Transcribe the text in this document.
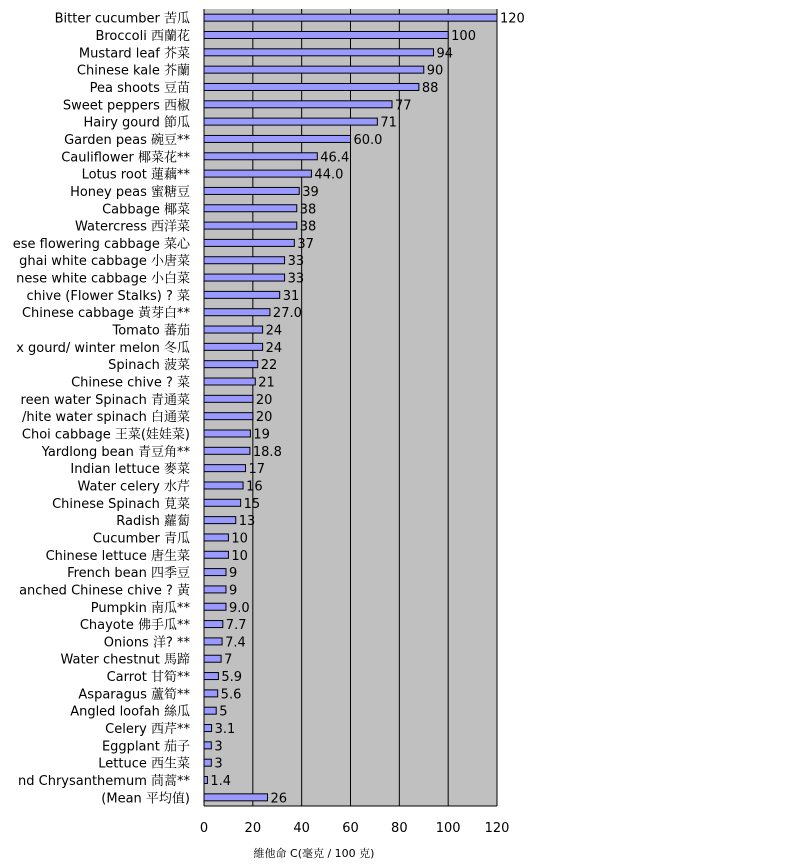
120
100
94
90
88
77
71
60.0
46.4
44.0
39
38
38
37
33
33
31
27.0
24
24
22
21
20
20
19
18.8
17
16
15
13
10
10
9
9
9.0
7.7
7.4
7
5.9
5.6
5
3.1
3
3
1.4
26
Bitter cucumber 苦瓜
Broccoli 西蘭花
Mustard leaf 芥菜
Chinese kale 芥蘭
Pea shoots 豆苗
Sweet peppers 西椒
Hairy gourd 節瓜
Garden peas 碗豆**
Cauliflower 椰菜花**
Lotus root 蓮藕**
Honey peas 蜜糖豆
Cabbage 椰菜
Watercress 西洋菜
ese flowering cabbage 菜心
ghai white cabbage 小唐菜
nese white cabbage 小白菜
chive (Flower Stalks) ? 菜
Chinese cabbage 黃芽白**
Tomato 蕃茄
x gourd/ winter melon 冬瓜
Spinach 菠菜
Chinese chive ? 菜
reen water Spinach 青通菜
/hite water spinach 白通菜
Choi cabbage 王菜(娃娃菜)
Yardlong bean 青豆角**
Indian lettuce 麥菜
Water celery 水芹
Chinese Spinach 莧菜
Radish 蘿蔔
Cucumber 青瓜
Chinese lettuce 唐生菜
French bean 四季豆
anched Chinese chive ? 黃
Pumpkin 南瓜**
Chayote 佛手瓜**
Onions 洋? **
Water chestnut 馬蹄
Carrot 甘筍**
Asparagus 蘆筍**
Angled loofah 絲瓜
Celery 西芹**
Eggplant 茄子
Lettuce 西生菜
nd Chrysanthemum 茼蒿**
(Mean 平均值)
0	20 40 60 80 100 120
維他命 C(毫克 / 100 克)
